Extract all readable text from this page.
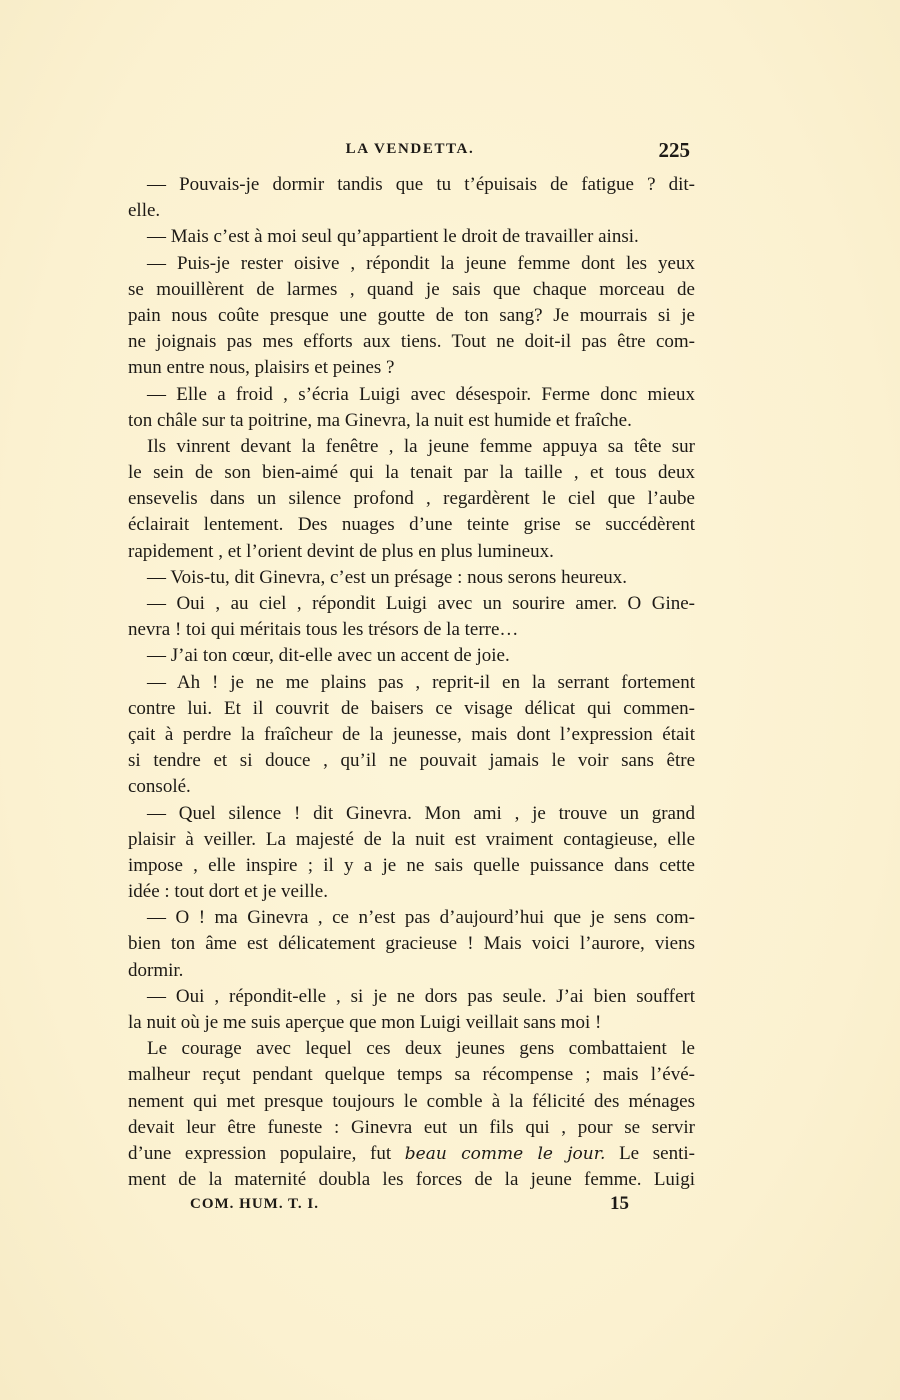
LA VENDETTA.	225
— Pouvais-je dormir tandis que tu t’épuisais de fatigue ? dit-
elle.
— Mais c’est à moi seul qu’appartient le droit de travailler ainsi.
— Puis-je rester oisive , répondit la jeune femme dont les yeux
se mouillèrent de larmes , quand je sais que chaque morceau de
pain nous coûte presque une goutte de ton sang? Je mourrais si je
ne joignais pas mes efforts aux tiens. Tout ne doit-il pas être com-
mun entre nous, plaisirs et peines ?
— Elle a froid , s’écria Luigi avec désespoir. Ferme donc mieux
ton châle sur ta poitrine, ma Ginevra, la nuit est humide et fraîche.
Ils vinrent devant la fenêtre , la jeune femme appuya sa tête sur
le sein de son bien-aimé qui la tenait par la taille , et tous deux
ensevelis dans un silence profond , regardèrent le ciel que l’aube
éclairait lentement. Des nuages d’une teinte grise se succédèrent
rapidement , et l’orient devint de plus en plus lumineux.
— Vois-tu, dit Ginevra, c’est un présage : nous serons heureux.
— Oui , au ciel , répondit Luigi avec un sourire amer. O Gine-
nevra ! toi qui méritais tous les trésors de la terre…
— J’ai ton cœur, dit-elle avec un accent de joie.
— Ah ! je ne me plains pas , reprit-il en la serrant fortement
contre lui. Et il couvrit de baisers ce visage délicat qui commen-
çait à perdre la fraîcheur de la jeunesse, mais dont l’expression était
si tendre et si douce , qu’il ne pouvait jamais le voir sans être
consolé.
— Quel silence ! dit Ginevra. Mon ami , je trouve un grand
plaisir à veiller. La majesté de la nuit est vraiment contagieuse, elle
impose , elle inspire ; il y a je ne sais quelle puissance dans cette
idée : tout dort et je veille.
— O ! ma Ginevra , ce n’est pas d’aujourd’hui que je sens com-
bien ton âme est délicatement gracieuse ! Mais voici l’aurore, viens
dormir.
— Oui , répondit-elle , si je ne dors pas seule. J’ai bien souffert
la nuit où je me suis aperçue que mon Luigi veillait sans moi !
Le courage avec lequel ces deux jeunes gens combattaient le
malheur reçut pendant quelque temps sa récompense ; mais l’évé-
nement qui met presque toujours le comble à la félicité des ménages
devait leur être funeste : Ginevra eut un fils qui , pour se servir
d’une expression populaire, fut beau comme le jour. Le senti-
ment de la maternité doubla les forces de la jeune femme. Luigi
COM. HUM. T. I.	15
